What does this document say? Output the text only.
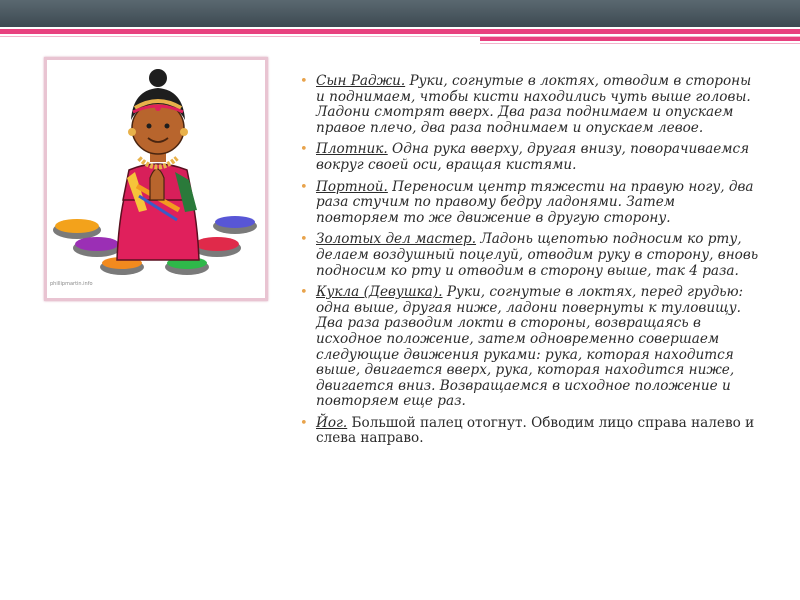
phillipmartin.info
• Сын Раджи. Руки, согнутые в локтях, отводим в стороны и поднимаем, чтобы кисти находились чуть выше головы. Ладони смотрят вверх. Два раза поднимаем и опускаем правое плечо, два раза поднимаем и опускаем левое.
• Плотник. Одна рука вверху, другая внизу, поворачиваемся вокруг своей оси, вращая кистями.
• Портной. Переносим центр тяжести на правую ногу, два раза стучим по правому бедру ладонями. Затем повторяем то же движение в другую сторону.
• Золотых дел мастер. Ладонь щепотью подносим ко рту, делаем воздушный поцелуй, отводим руку в сторону, вновь подносим ко рту и отводим в сторону выше, так 4 раза.
• Кукла (Девушка). Руки, согнутые в локтях, перед грудью: одна выше, другая ниже, ладони повернуты к туловищу. Два раза разводим локти в стороны, возвращаясь в исходное положение, затем одновременно совершаем следующие движения руками: рука, которая находится выше, двигается вверх, рука, которая находится ниже, двигается вниз. Возвращаемся в исходное положение и повторяем еще раз.
• Йог. Большой палец отогнут. Обводим лицо справа налево и слева направо.
